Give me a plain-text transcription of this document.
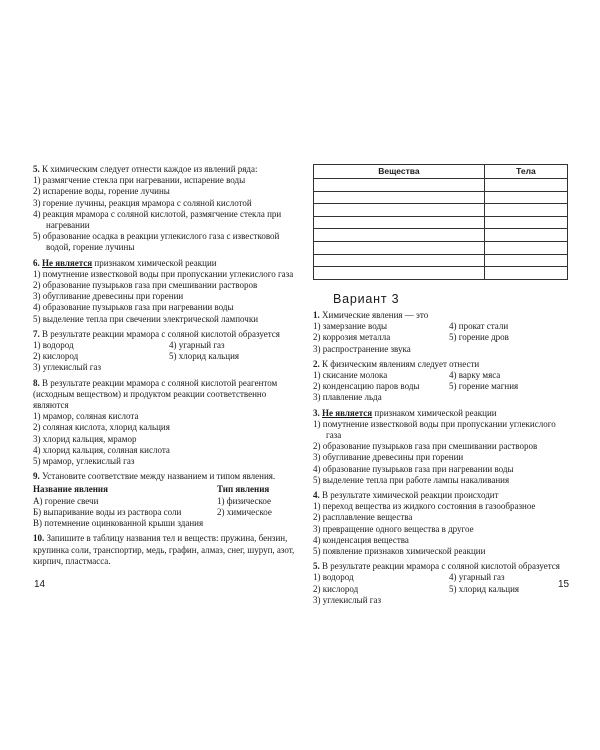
5. К химическим следует отнести каждое из явлений ряда:
1) размягчение стекла при нагревании, испарение воды
2) испарение воды, горение лучины
3) горение лучины, реакция мрамора с соляной кислотой
4) реакция мрамора с соляной кислотой, размягчение стекла при нагревании
5) образование осадка в реакции углекислого газа с известковой водой, горение лучины
6. Не является признаком химической реакции
1) помутнение известковой воды при пропускании углекислого газа
2) образование пузырьков газа при смешивании растворов
3) обугливание древесины при горении
4) образование пузырьков газа при нагревании воды
5) выделение тепла при свечении электрической лампочки
7. В результате реакции мрамора с соляной кислотой образуется
1) водород	4) угарный газ
2) кислород	5) хлорид кальция
3) углекислый газ
8. В результате реакции мрамора с соляной кислотой реагентом (исходным веществом) и продуктом реакции соответственно являются
1) мрамор, соляная кислота
2) соляная кислота, хлорид кальция
3) хлорид кальция, мрамор
4) хлорид кальция, соляная кислота
5) мрамор, углекислый газ
9. Установите соответствие между названием и типом явления.
Название явления	Тип явления
А) горение свечи	1) физическое
Б) выпаривание воды из раствора соли	2) химическое
В) потемнение оцинкованной крыши здания
10. Запишите в таблицу названия тел и веществ: пружина, бензин, крупинка соли, транспортир, медь, графин, алмаз, снег, шуруп, азот, кирпич, пластмасса.
14
Вещества	Тела

Вариант 3
1. Химические явления — это
1) замерзание воды	4) прокат стали
2) коррозия металла	5) горение дров
3) распространение звука
2. К физическим явлениям следует отнести
1) скисание молока	4) варку мяса
2) конденсацию паров воды	5) горение магния
3) плавление льда
3. Не является признаком химической реакции
1) помутнение известковой воды при пропускании углекислого газа
2) образование пузырьков газа при смешивании растворов
3) обугливание древесины при горении
4) образование пузырьков газа при нагревании воды
5) выделение тепла при работе лампы накаливания
4. В результате химической реакции происходит
1) переход вещества из жидкого состояния в газообразное
2) расплавление вещества
3) превращение одного вещества в другое
4) конденсация вещества
5) появление признаков химической реакции
5. В результате реакции мрамора с соляной кислотой образуется
1) водород	4) угарный газ
2) кислород	5) хлорид кальция
3) углекислый газ
15
